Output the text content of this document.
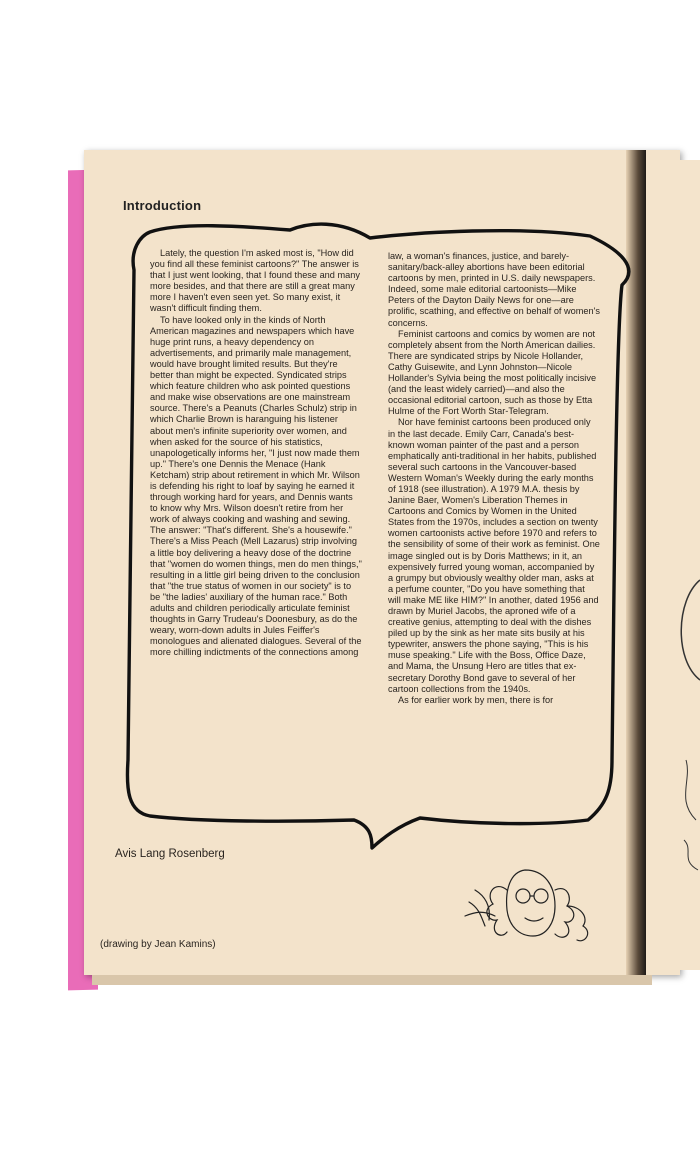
Introduction

Lately, the question I'm asked most is, "How did you find all these feminist cartoons?" The answer is that I just went looking, that I found these and many more besides, and that there are still a great many more I haven't even seen yet. So many exist, it wasn't difficult finding them.

To have looked only in the kinds of North American magazines and newspapers which have huge print runs, a heavy dependency on advertisements, and primarily male management, would have brought limited results. But they're better than might be expected. Syndicated strips which feature children who ask pointed questions and make wise observations are one mainstream source. There's a Peanuts (Charles Schulz) strip in which Charlie Brown is haranguing his listener about men's infinite superiority over women, and when asked for the source of his statistics, unapologetically informs her, "I just now made them up." There's one Dennis the Menace (Hank Ketcham) strip about retirement in which Mr. Wilson is defending his right to loaf by saying he earned it through working hard for years, and Dennis wants to know why Mrs. Wilson doesn't retire from her work of always cooking and washing and sewing. The answer: "That's different. She's a housewife." There's a Miss Peach (Mell Lazarus) strip involving a little boy delivering a heavy dose of the doctrine that "women do women things, men do men things," resulting in a little girl being driven to the conclusion that "the true status of women in our society" is to be "the ladies' auxiliary of the human race." Both adults and children periodically articulate feminist thoughts in Garry Trudeau's Doonesbury, as do the weary, worn-down adults in Jules Feiffer's monologues and alienated dialogues. Several of the more chilling indictments of the connections among

law, a woman's finances, justice, and barely-sanitary/back-alley abortions have been editorial cartoons by men, printed in U.S. daily newspapers. Indeed, some male editorial cartoonists—Mike Peters of the Dayton Daily News for one—are prolific, scathing, and effective on behalf of women's concerns.

Feminist cartoons and comics by women are not completely absent from the North American dailies. There are syndicated strips by Nicole Hollander, Cathy Guisewite, and Lynn Johnston—Nicole Hollander's Sylvia being the most politically incisive (and the least widely carried)—and also the occasional editorial cartoon, such as those by Etta Hulme of the Fort Worth Star-Telegram.

Nor have feminist cartoons been produced only in the last decade. Emily Carr, Canada's best-known woman painter of the past and a person emphatically anti-traditional in her habits, published several such cartoons in the Vancouver-based Western Woman's Weekly during the early months of 1918 (see illustration). A 1979 M.A. thesis by Janine Baer, Women's Liberation Themes in Cartoons and Comics by Women in the United States from the 1970s, includes a section on twenty women cartoonists active before 1970 and refers to the sensibility of some of their work as feminist. One image singled out is by Doris Matthews; in it, an expensively furred young woman, accompanied by a grumpy but obviously wealthy older man, asks at a perfume counter, "Do you have something that will make ME like HIM?" In another, dated 1956 and drawn by Muriel Jacobs, the aproned wife of a creative genius, attempting to deal with the dishes piled up by the sink as her mate sits busily at his typewriter, answers the phone saying, "This is his muse speaking." Life with the Boss, Office Daze, and Mama, the Unsung Hero are titles that ex-secretary Dorothy Bond gave to several of her cartoon collections from the 1940s.

As for earlier work by men, there is for

Avis Lang Rosenberg
(drawing by Jean Kamins)
